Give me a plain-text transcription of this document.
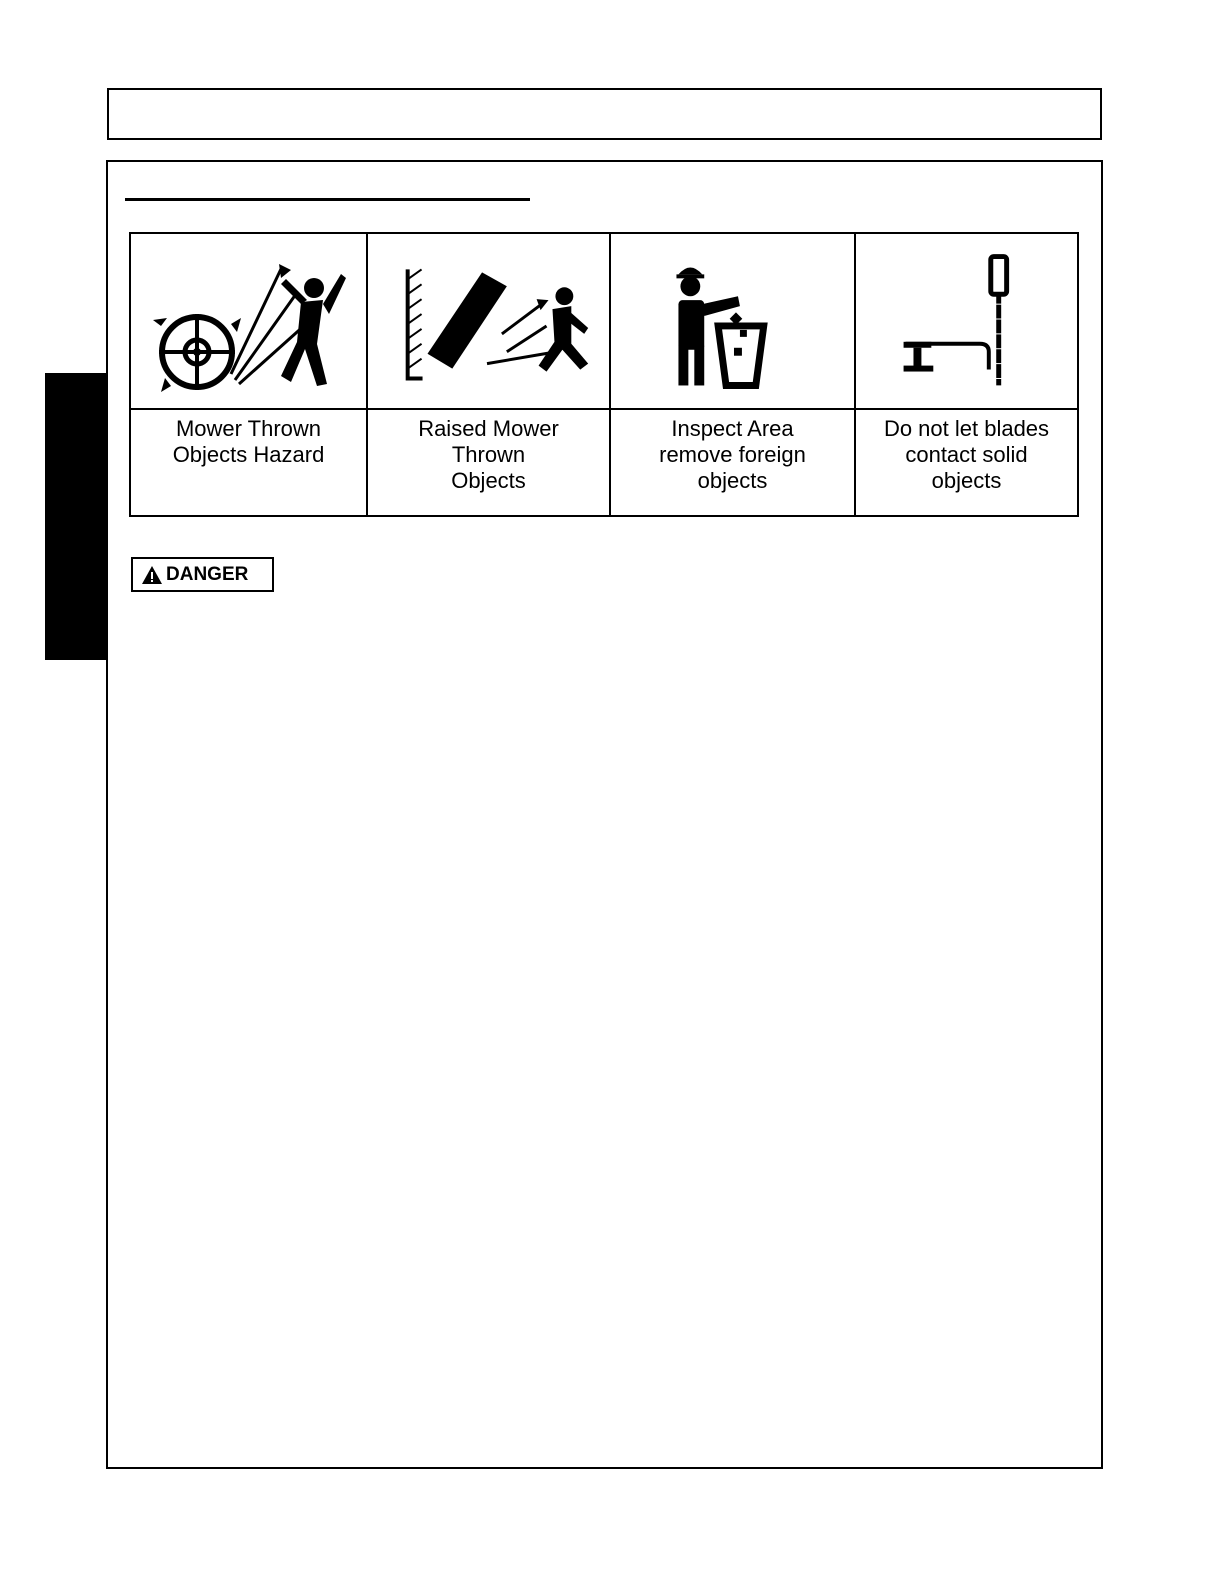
Mower Thrown
Objects Hazard
Raised Mower
Thrown
Objects
Inspect Area
remove foreign
objects
Do not let blades
contact solid
objects
DANGER
